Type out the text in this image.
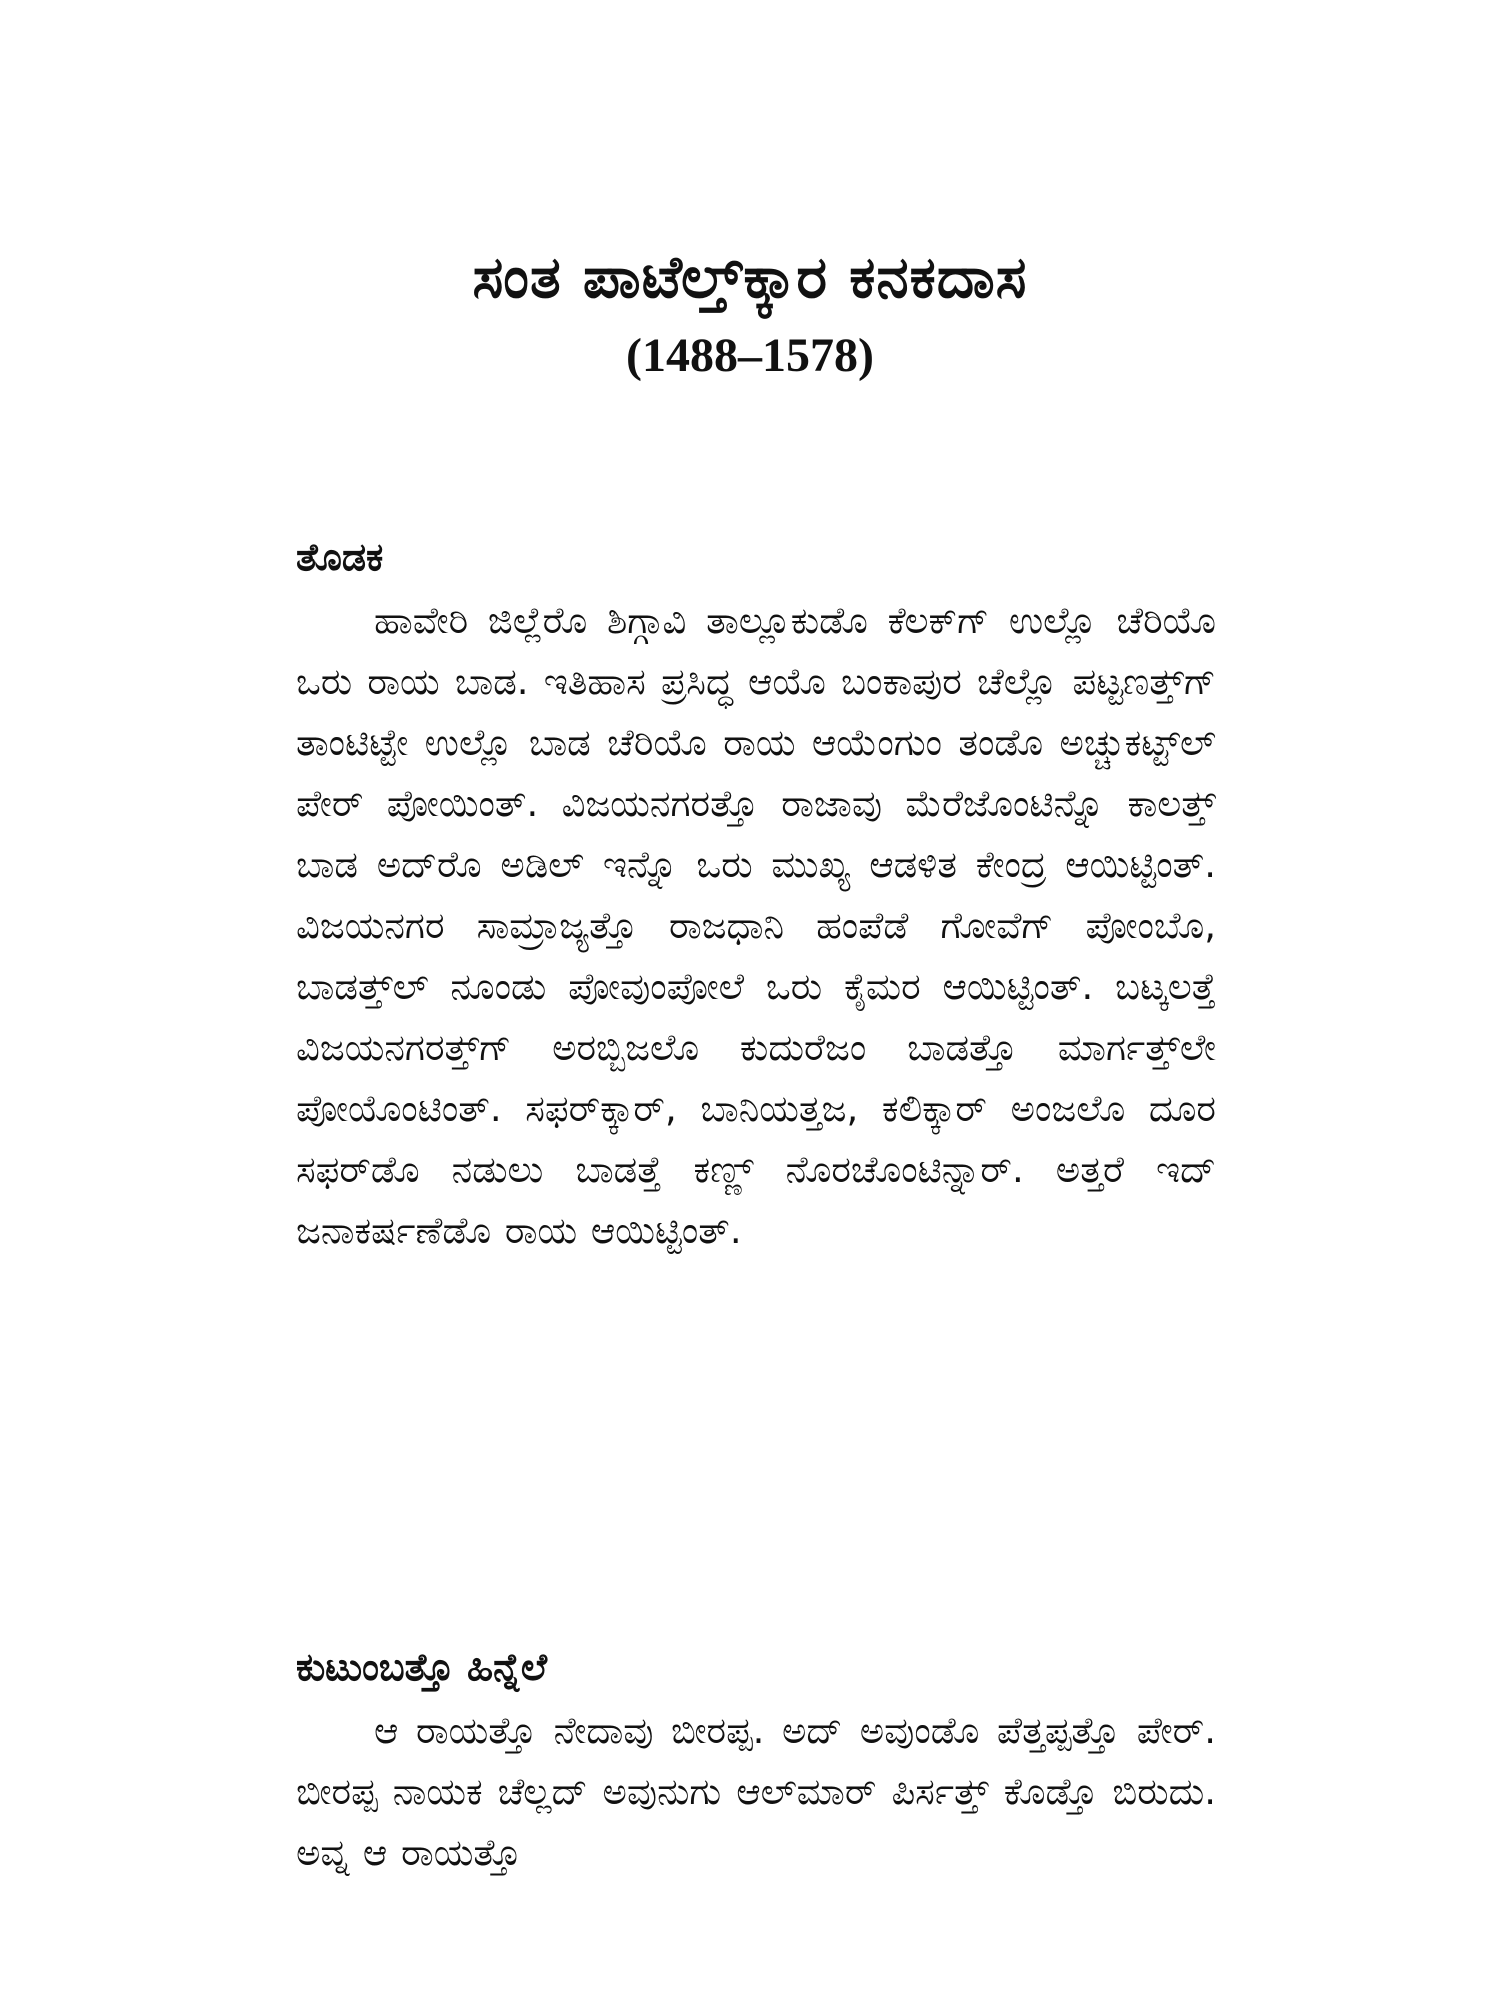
ಸಂತ ಪಾಟೆಲ್ತ್‌ಕ್ಕಾರ ಕನಕದಾಸ
(1488–1578)
ತೊಡಕ

ಹಾವೇರಿ ಜಿಲ್ಲೆರೊ ಶಿಗ್ಗಾವಿ ತಾಲ್ಲೂಕುಡೊ ಕೆಲಕ್‌ಗ್ ಉಲ್ಲೊ ಚೆರಿಯೊ ಒರು ರಾಯ ಬಾಡ. ಇತಿಹಾಸ ಪ್ರಸಿದ್ಧ ಆಯೊ ಬಂಕಾಪುರ ಚೆಲ್ಲೊ ಪಟ್ಟಣತ್ತ್‌ಗ್ ತಾಂಟಿಟ್ಟೇ ಉಲ್ಲೊ ಬಾಡ ಚೆರಿಯೊ ರಾಯ ಆಯೆಂಗುಂ ತಂಡೊ ಅಚ್ಚುಕಟ್ಟ್‌ಲ್ ಪೇರ್ ಪೋಯಿಂತ್. ವಿಜಯನಗರತ್ತೊ ರಾಜಾವು ಮೆರೆಜೊಂಟಿನ್ನೊ ಕಾಲತ್ತ್ ಬಾಡ ಅದ್‌ರೊ ಅಡಿಲ್ ಇನ್ನೊ ಒರು ಮುಖ್ಯ ಆಡಳಿತ ಕೇಂದ್ರ ಆಯಿಟ್ಟಿಂತ್. ವಿಜಯನಗರ ಸಾಮ್ರಾಜ್ಯತ್ತೊ ರಾಜಧಾನಿ ಹಂಪೆಡೆ ಗೋವೆಗ್ ಪೋಂಬೊ, ಬಾಡತ್ತ್‌ಲ್ ನೂಂಡು ಪೋವುಂಪೋಲೆ ಒರು ಕೈಮರ ಆಯಿಟ್ಟಿಂತ್. ಬಟ್ಕಲತ್ತೆ ವಿಜಯನಗರತ್ತ್‌ಗ್ ಅರಬ್ಬಿಜಲೊ ಕುದುರೆಜಂ ಬಾಡತ್ತೊ ಮಾರ್ಗತ್ತ್‌ಲೇ ಪೋಯೊಂಟಿಂತ್. ಸಫರ್‌ಕ್ಕಾರ್, ಬಾನಿಯತ್ತಜ, ಕಲಿಕ್ಕಾರ್ ಅಂಜಲೊ ದೂರ ಸಫರ್‌ಡೊ ನಡುಲು ಬಾಡತ್ತೆ ಕಣ್ಣ್ ನೊರಚೊಂಟಿನ್ನಾರ್. ಅತ್ತರೆ ಇದ್ ಜನಾಕರ್ಷಣೆಡೊ ರಾಯ ಆಯಿಟ್ಟಿಂತ್.

ಕುಟುಂಬತ್ತೊ ಹಿನ್ನೆಲೆ

ಆ ರಾಯತ್ತೊ ನೇದಾವು ಬೀರಪ್ಪ. ಅದ್ ಅವುಂಡೊ ಪೆತ್ತಪ್ಪತ್ತೊ ಪೇರ್. ಬೀರಪ್ಪ ನಾಯಕ ಚೆಲ್ಲದ್ ಅವುನುಗು ಆಲ್‌ಮಾರ್ ಪಿರ್ಸತ್ತ್ ಕೊಡ್ತೊ ಬಿರುದು. ಅವ್ನ ಆ ರಾಯತ್ತೊ
